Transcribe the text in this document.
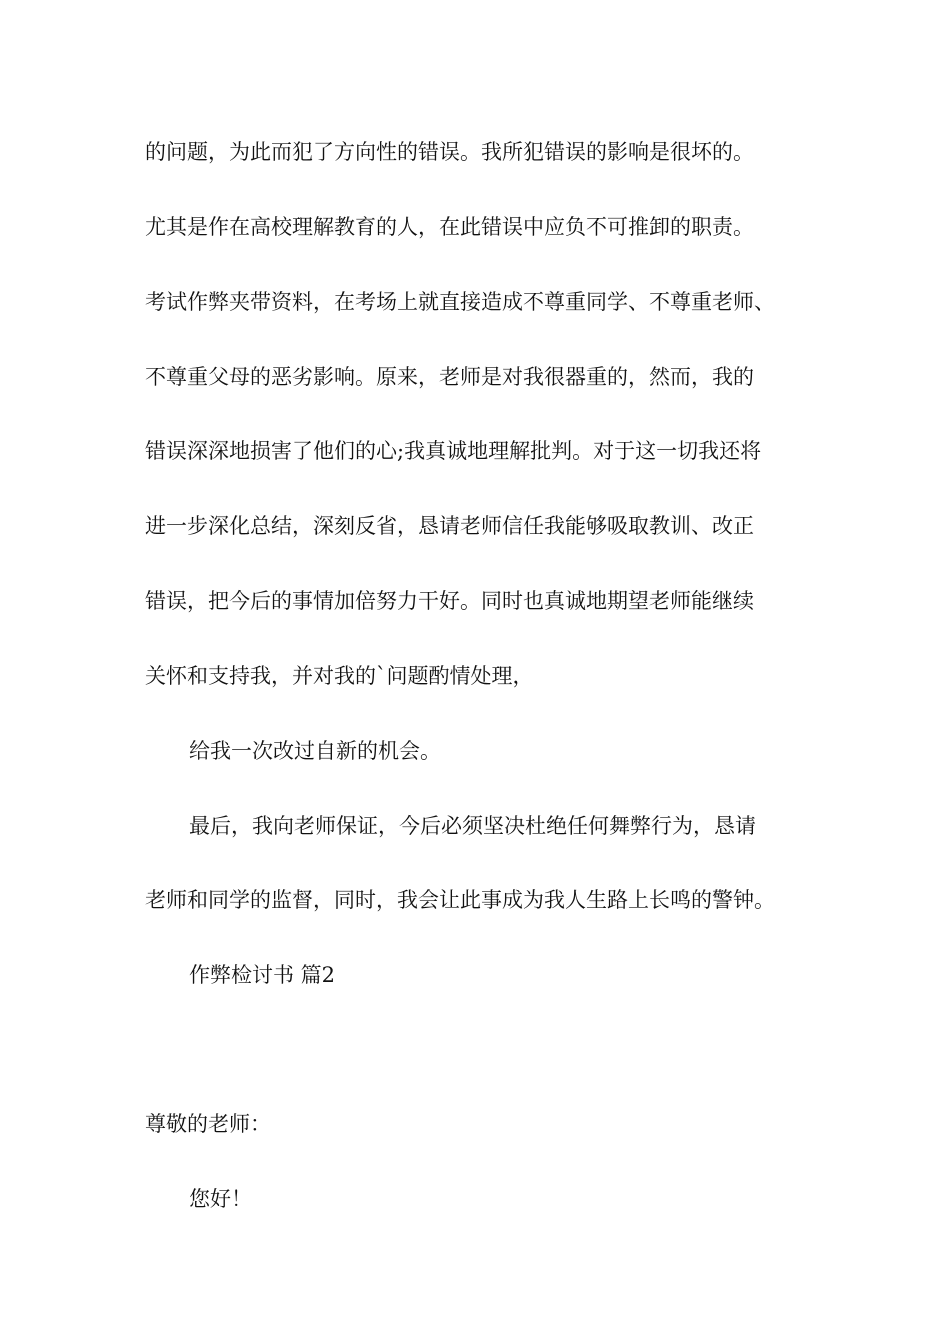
的问题，为此而犯了方向性的错误。我所犯错误的影响是很坏的。
尤其是作在高校理解教育的人，在此错误中应负不可推卸的职责。
考试作弊夹带资料，在考场上就直接造成不尊重同学、不尊重老师、
不尊重父母的恶劣影响。原来，老师是对我很器重的，然而，我的
错误深深地损害了他们的心;我真诚地理解批判。对于这一切我还将
进一步深化总结，深刻反省，恳请老师信任我能够吸取教训、改正
错误，把今后的事情加倍努力干好。同时也真诚地期望老师能继续
关怀和支持我，并对我的`问题酌情处理，
给我一次改过自新的机会。
最后，我向老师保证，今后必须坚决杜绝任何舞弊行为，恳请
老师和同学的监督，同时，我会让此事成为我人生路上长鸣的警钟。
作弊检讨书 篇2
尊敬的老师：
您好！
